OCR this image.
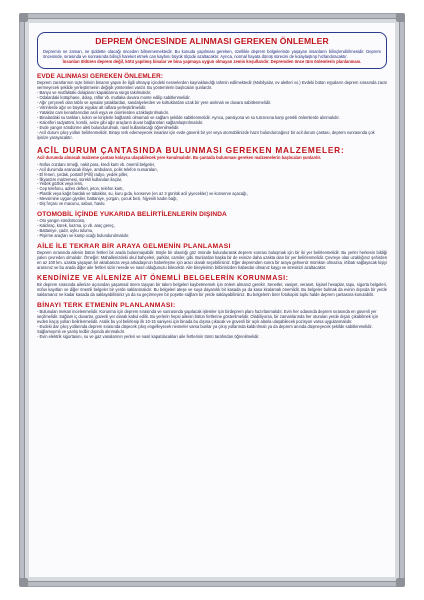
DEPREM ÖNCESİNDE ALINMASI GEREKEN ÖNLEMLER

Depremin ne zaman, ne şiddette olacağı önceden bilinememektedir. Bu konuda yapılması gereken, özellikle deprem bölgelerinde yaşayan insanların bilinçlendirilmesidir. Deprem öncesinde, sırasında ve sonrasında bilinçli hareket etmek can kaybını büyük ölçüde azaltacaktır. Ayrıca, normal hayata dönüş sürecini de kolaylaştırıp hızlandıracaktır.

İnsanları öldüren deprem değil, kötü yapılmış binalar ve bina yapmaya uygun olmayan zemin koşullarıdır. Depremden önce tüm önlemlerin planlanması.

EVDE ALINMASI GEREKEN ÖNLEMLER:

Deprem zararlarının üçte birinin binanın yapısı ile ilgili olmayıp içindeki nesnelerden kaynaklandığı tahmin edilmektedir (Mobilyalar, ev aletleri vs.) Evdeki bütün eşyaların deprem sırasında zarar vermeyecek şekilde yerleştirmenin değişik yöntemleri vardır. Bu yöntemlerin başlıcaları şunlardır.

- Banyo ve mutfaktaki dolapların kapaklarına sürgü takılmalıdır.
- Odalardaki kütüphane, dolap, raflar vb. mutlaka duvara monte edilip sabitlenmelidir.
- Ağır çerçeveli olan tablo ve aynalar yataklardan, sandalyelerden ve koltuklardan uzak bir yere asılmalı ve duvara sabitlenmelidir.
- Vitrinlerde ağır ve büyük eşyalar alt raflara yerleştirilmelidir.
- Yataklar cam kenarlarından asılı eşya ve cisimlerden uzaklaştırılmalıdır.
- Binalardaki su tankları, kolon ve kirişlerle bağlantılı olmamalı ve sağlam şekilde sabitlenmelidir. Ayrıca, pansiyona ve su tutcnısına karşı gerekli önlemlerde alınmalıdır.
- Kaloriferi radyatörü, kombi, avize gibi ağır araçların duvar bağlantıları sağlamlaştırılmalıdır.
- Evde yangın söndürme aleti bulundurulmalı, nasıl kullanılacağı öğrenilmelidir.
- Aciİ durum çıkış yolları belirlenmelidir. Binayı terk edemeyecek insanlar için evde güvenli bir yer veya otomobilinizde hazır bulundurcağınız bir acil durum çantası, deprem sonrasında çok işinize yarayacaktır.
ACİL DURUM ÇANTASINDA BULUNMASI GEREKEN MALZEMELER:

Acil durumda alınacak malzeme çantası kolayca ulaşabilecek yere konulmalıdır. Bu çantada bulunması gereken malzemelerin başlıcaları şunlardır.

- Nüfus cüzdanı örneği, nakit para, kredi kartı vb. önemli belgeler,
- Acil durumda aranacak ifaiye, ambulans, polis telefon numaraları,
- El feneri, şırdak, portatif (Pilli) radyo, yedek piller,
- İlkyardım malzemesi, sürekli kullanılan ilaçlar,
- Yedek gözlük veya lens,
- Cep telefonu, adres defteri, jeton, telefon kartı,
- Plastik veya kağıt bardak ve tabaklar, su, kuru gıda, konserve (en az 3 günlük acil yiyecekler) ve konserve açacağı,
- Mevsimine uygun giysiler, battaniye, yorgan, çocuk bezi, hijyenik kadın bağı,
- Diş fırçası ve macunu, sabun, havlu.
OTOMOBİL İÇİNDE YUKARIDA BELİRTİLENLERİN DIŞINDA
- Oto yangın söndürücüsü,
- Kaldıraç, kürek, kazma, ip vb. araç gereç,
- Battaniye, çadır, uyku tulumu,
- Pişirme araçları ve kamp ocağı bulundurulmalıdır.
AİLE İLE TEKRAR BİR ARAYA GELMENİN PLANLAMASI

Deprem sırasında ailenin bütün fertleri bir arada bulunmayabilir. Böyle bir olasılığı göz önünde bulundurarak deprem sonrası buluşmak için bir iki yer belirlenmelidir. Bu yerler herkesin bildiği yakın çevreden olmalıdır. Örneğin: Mahallenizdeki okul bahçeleri, parklar, camiler, gibi. Bunlardan başka bir de evinize daha uzakta olan bir yer belirlenmelidir. Çevreye olan uzaklığınız şehirden en az 100 km. uzakta yaşayan bir akrabanıza veya arkadaşınızı haberleşme için aracı olarak seçebilirsiniz. Eğer depremden sonra bir araya gelmeniz mümkün olmazsa, irtibatı sağlayacak kişiyi ararsınız ve bu arada diğer aile fertleri sizin nerede ve nasıl olduğunuzu bilecektir. Aile bireylerinin birbirinizden haberdar olmanız kaygı ve stresinizi azaltacaktır.

KENDİNİZE VE AİLENİZE AİT ÖNEMLİ BELGELERİN KORUNMASI:

Bir deprem sırasında ailenize açısından yaşamsal önem taşıyan bir takım belgeleri kaybetmemek için önlem almanız gerekir. Senetler, vasiyet, veraset, kişisel hesaplar, tapu, sigorta belgeleri, nüfus kayıtları ve diğer önemli belgeler bir yerde saklanmalıdır. Bu belgeleri ateşe ve suya dayanıklı bir kasada ya da kasa kiralamak önemlidir. Bu belgeler bulmak da evinin dışında bir yerde saklamanız ne kadar kasada da saklayabilirsiniz ya da su geçirmeyen bir poşette sağlam bir yerde saklayabilirsiniz. Bu belgelerin birer fotokopisi toplu halde deprem çantasına konulabilir.

BİNAYI TERK ETMENİN PLANLANMASI:
- Bulunulan mekan incelenmelidir. Korunma için deprem sırasında ve sonrasında yapılacak işlemler için birdeprem planı hazırlanmalıdır. Evin her odasında deprem sırasında en güvenli yer seçilmelidir. Sağlam iç duvarlar, güvenli yer olarak kabul edilir. Bu yerlerin hepsi ailenin bütün fertlerine gösterilmelidir. Olabiliyorsa, bir zamanlarında her oturulan yerde dışarı çıkabilmek için evden kaçış yolları belirlenmelidir. Aralık bu yol belirlenip ilk 10-15 saniyesi için binada bu dışına çıkacak ve güvenli bir açık alanla ulaşabilecek pozisyon varsa uygulanmalıdır.
- Evdeki dar çıkış yollarında deprem sırasında düşecek çıkış engelleyecek nesneler varsa bunlar ya çıkış yollarında kaldırılmalı ya da deprem anında düşmeyecek şekilde sabitlenmelidir. Sağlamışımlı ve yanlış tedbir dışında alınmalıdır.
- Evin elektrik sigortasını, su ve gaz vanalarının yerleri ve nasıl kapatılacakları aile fertlerinin tümü tarafından öğrenilmelidir.
